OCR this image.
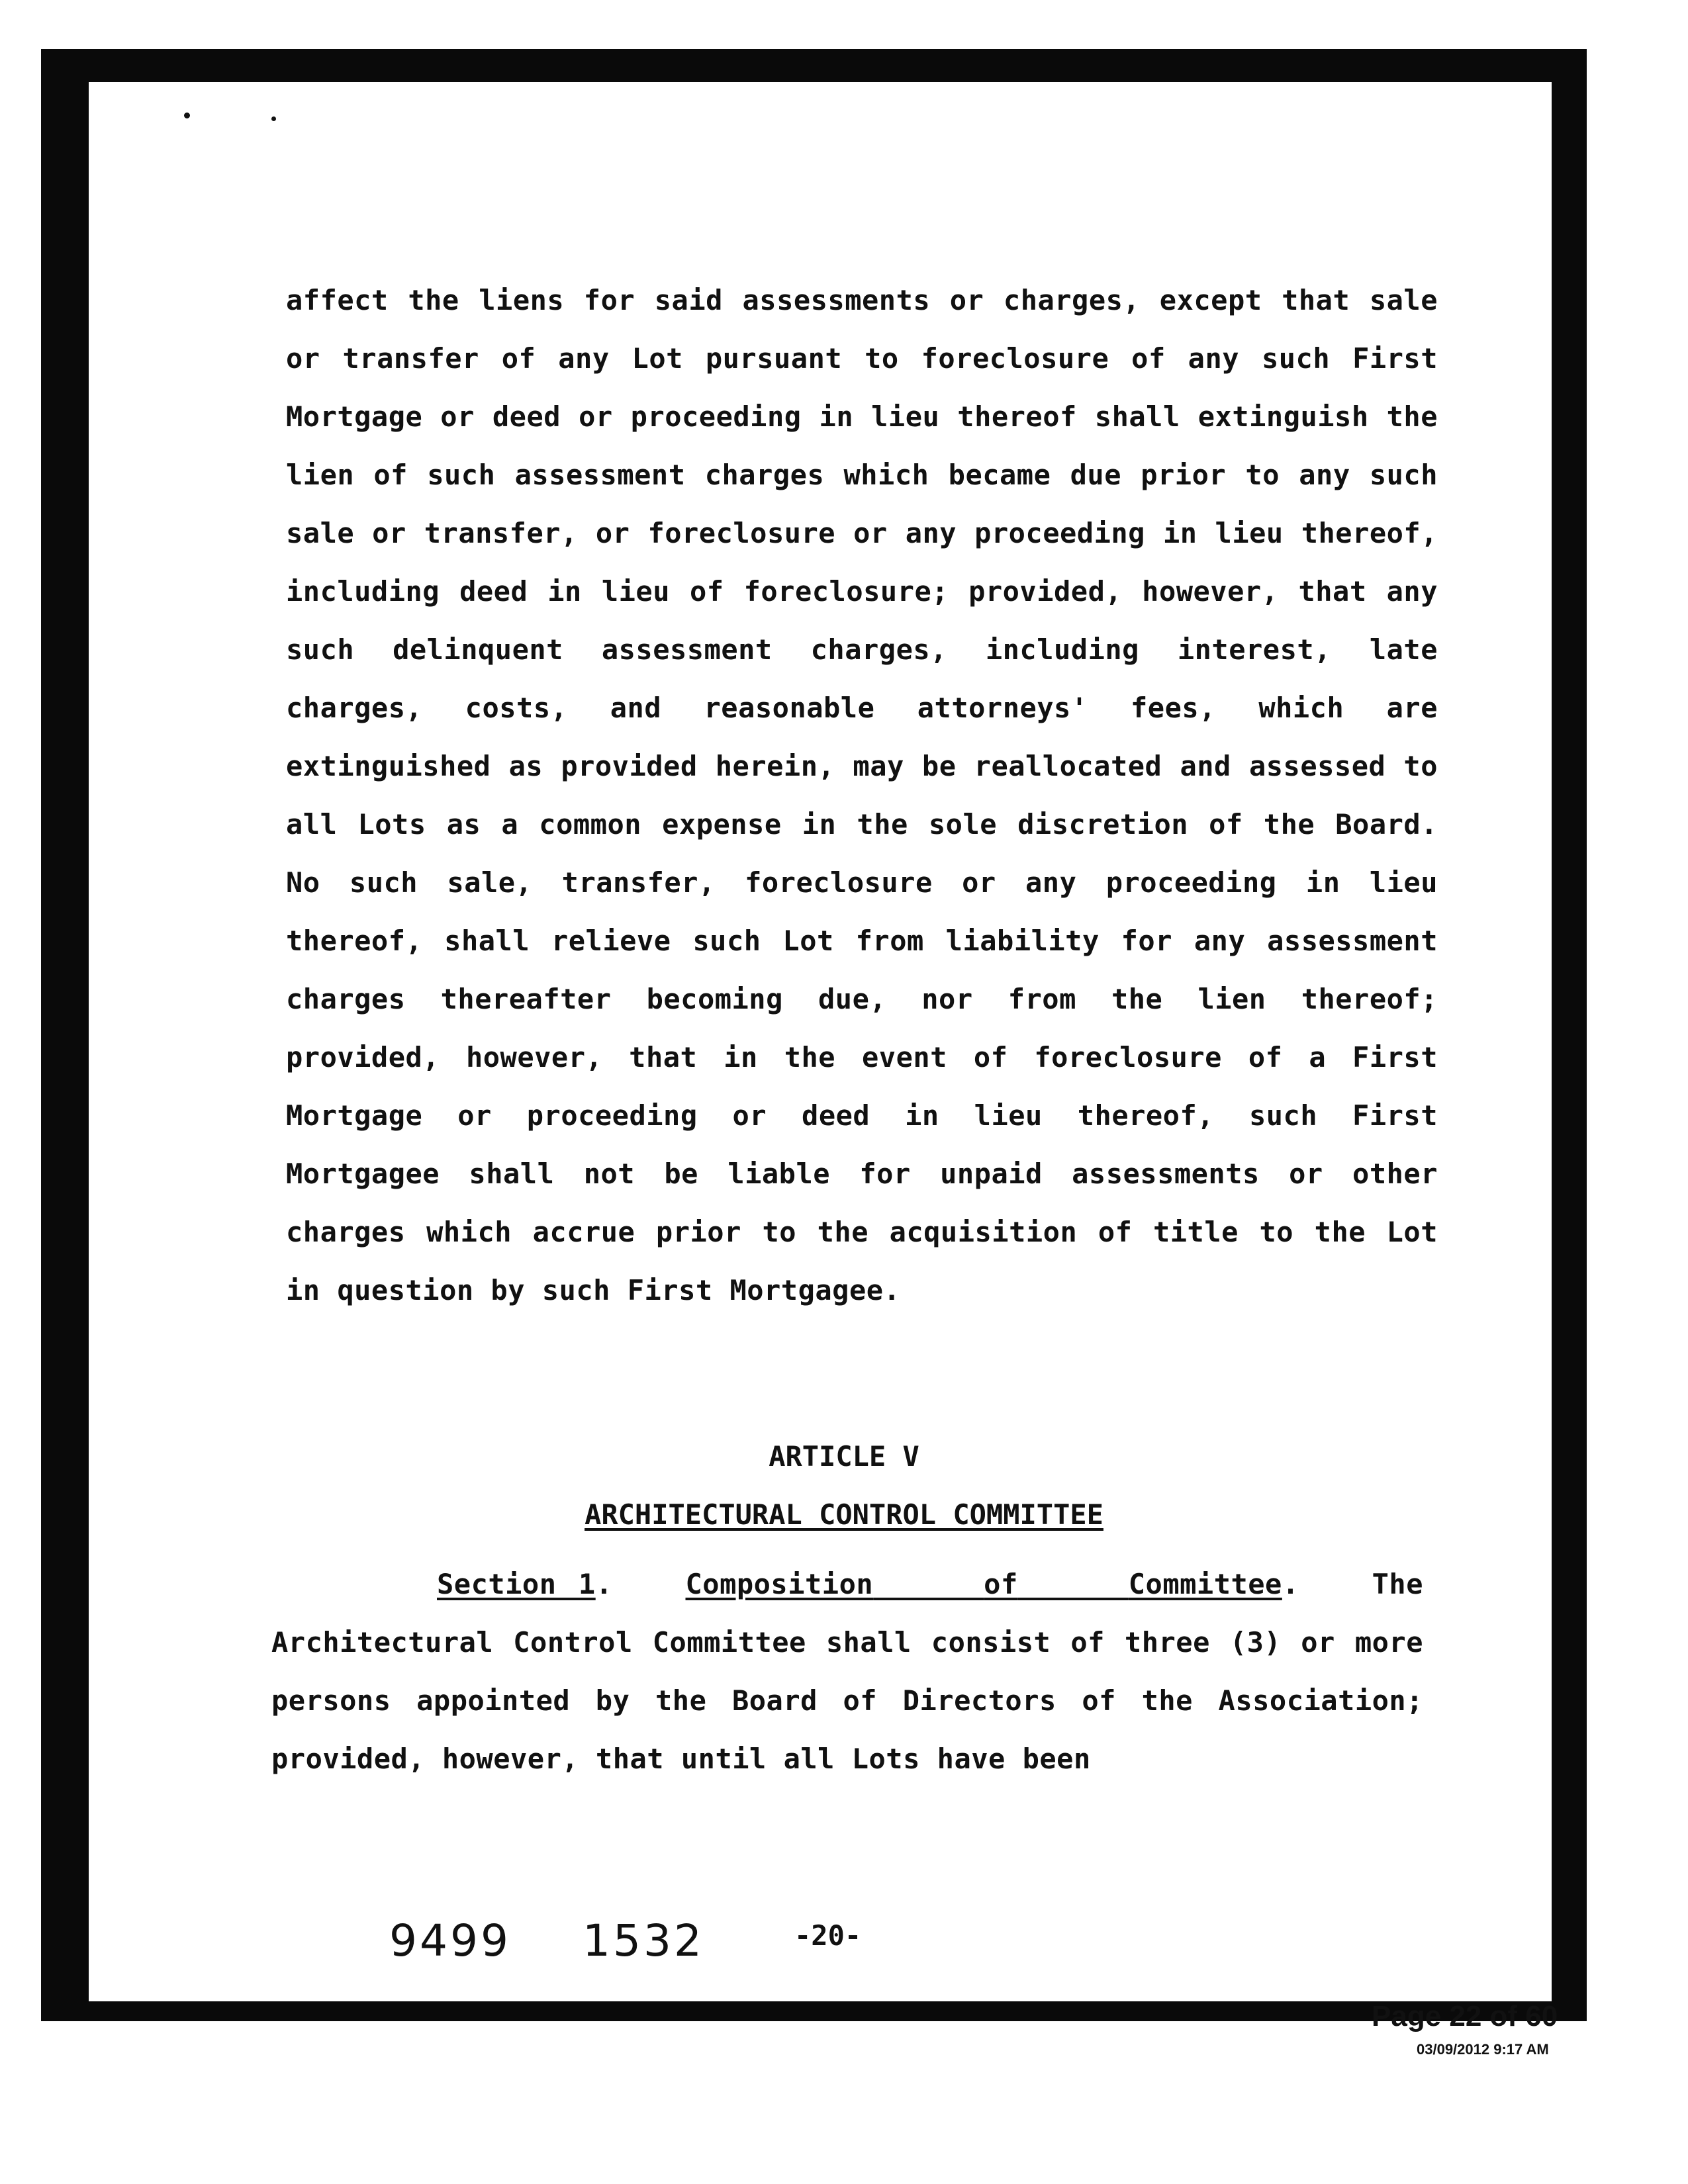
affect the liens for said assessments or charges, except that sale or transfer of any Lot pursuant to foreclosure of any such First Mortgage or deed or proceeding in lieu thereof shall extinguish the lien of such assessment charges which became due prior to any such sale or transfer, or foreclosure or any proceeding in lieu thereof, including deed in lieu of foreclosure; provided, however, that any such delinquent assessment charges, including interest, late charges, costs, and reasonable attorneys' fees, which are extinguished as provided herein, may be reallocated and assessed to all Lots as a common expense in the sole discretion of the Board. No such sale, transfer, foreclosure or any proceeding in lieu thereof, shall relieve such Lot from liability for any assessment charges thereafter becoming due, nor from the lien thereof; provided, however, that in the event of foreclosure of a First Mortgage or proceeding or deed in lieu thereof, such First Mortgagee shall not be liable for unpaid assessments or other charges which accrue prior to the acquisition of title to the Lot in question by such First Mortgagee.

ARTICLE V
ARCHITECTURAL CONTROL COMMITTEE

Section 1.	Composition	of	Committee.	The Architectural Control Committee shall consist of three (3) or more persons appointed by the Board of Directors of the Association; provided, however, that until all Lots have been

9499 1532	-20-
Page 22 of 60
03/09/2012 9:17 AM
